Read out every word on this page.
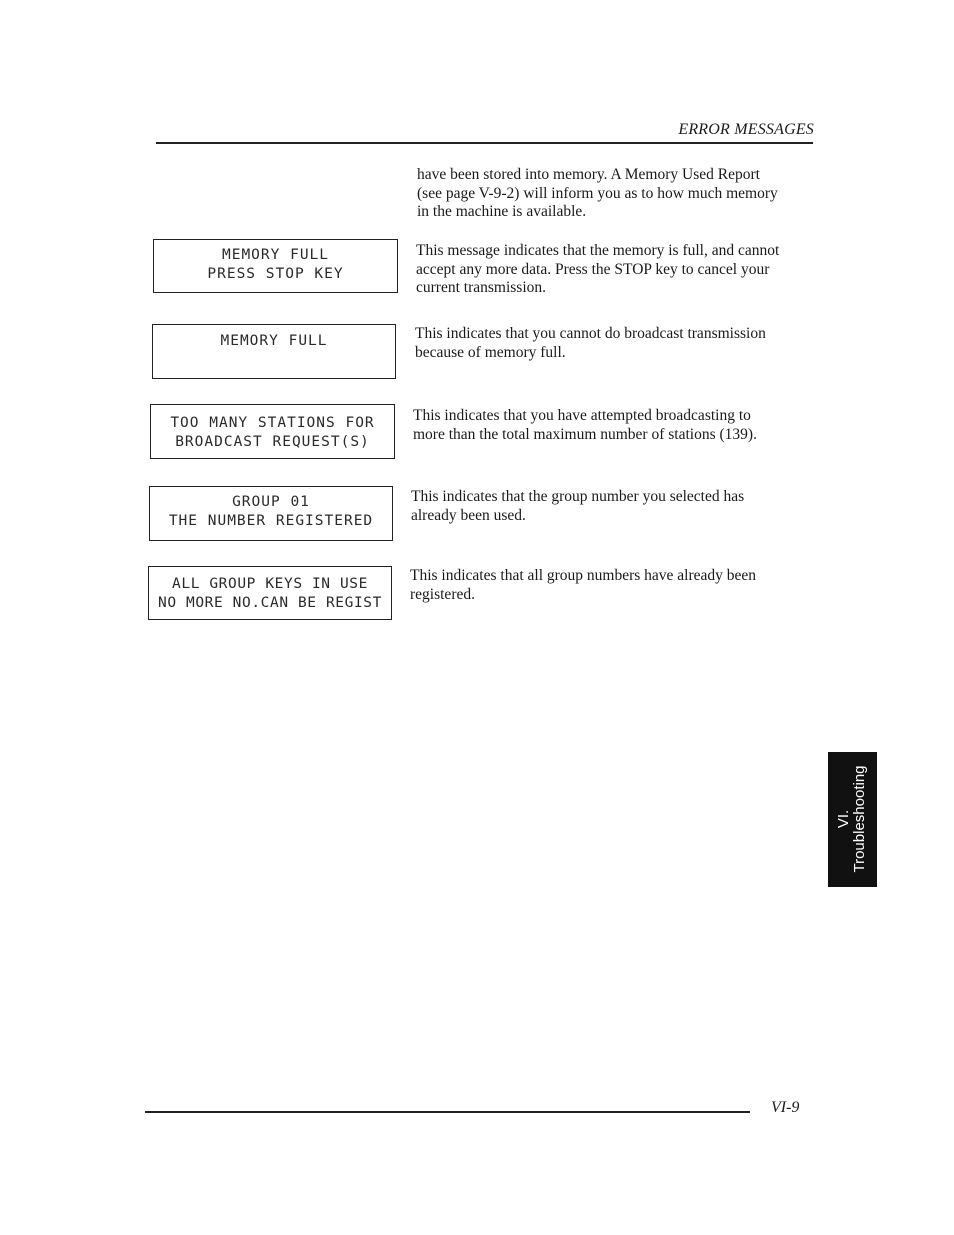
ERROR MESSAGES
have been stored into memory. A Memory Used Report
(see page V-9-2) will inform you as to how much memory
in the machine is available.
MEMORY FULL
PRESS STOP KEY
This message indicates that the memory is full, and cannot
accept any more data. Press the STOP key to cancel your
current transmission.
MEMORY FULL	This indicates that you cannot do broadcast transmission
because of memory full.
TOO MANY STATIONS FOR
BROADCAST REQUEST(S)
This indicates that you have attempted broadcasting to
more than the total maximum number of stations (139).
GROUP 01
THE NUMBER REGISTERED
This indicates that the group number you selected has
already been used.
ALL GROUP KEYS IN USE
NO MORE NO.CAN BE REGIST
This indicates that all group numbers have already been
registered.
VI. Troubleshooting
VI-9
